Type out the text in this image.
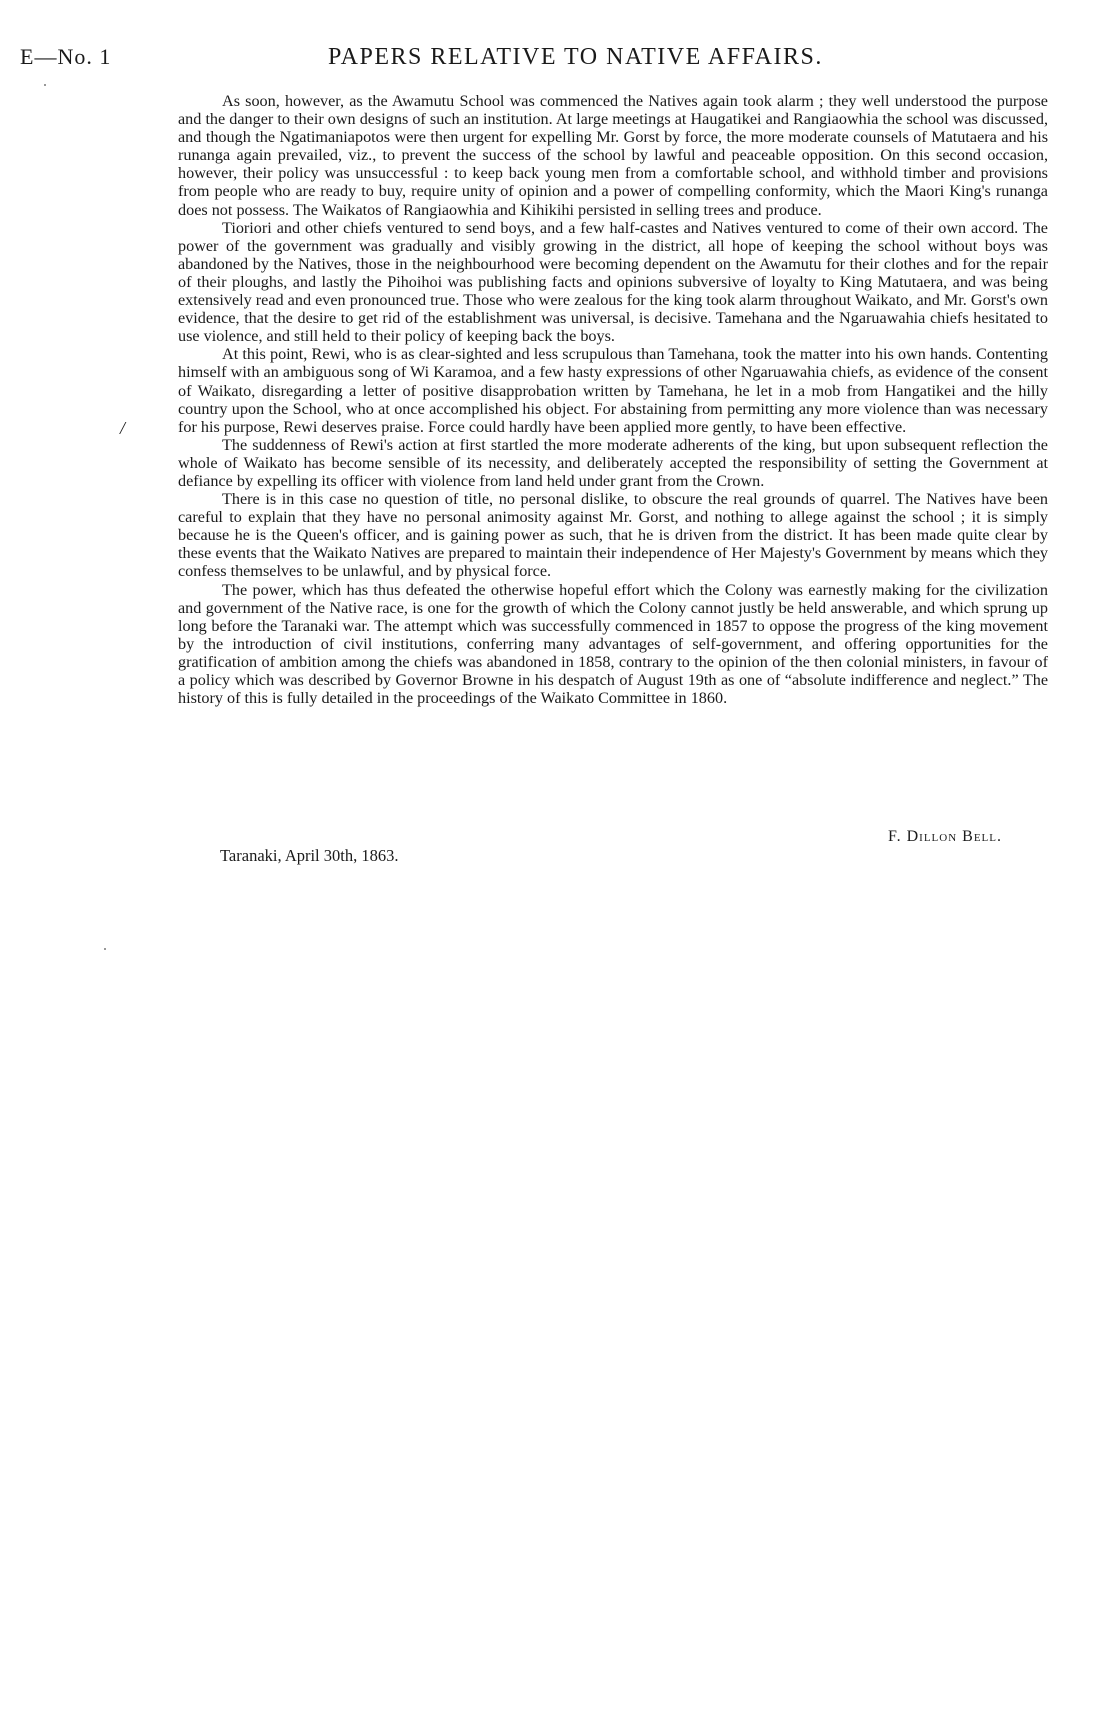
E—No. 1	PAPERS RELATIVE TO NATIVE AFFAIRS.

As soon, however, as the Awamutu School was commenced the Natives again took alarm ; they well understood the purpose and the danger to their own designs of such an institution. At large meetings at Haugatikei and Rangiaowhia the school was discussed, and though the Ngatimaniapotos were then urgent for expelling Mr. Gorst by force, the more moderate counsels of Matutaera and his runanga again prevailed, viz., to prevent the success of the school by lawful and peaceable opposition. On this second occasion, however, their policy was unsuccessful : to keep back young men from a comfortable school, and withhold timber and provisions from people who are ready to buy, require unity of opinion and a power of compelling conformity, which the Maori King's runanga does not possess. The Waikatos of Rangiaowhia and Kihikihi persisted in selling trees and produce.

Tioriori and other chiefs ventured to send boys, and a few half-castes and Natives ventured to come of their own accord. The power of the government was gradually and visibly growing in the district, all hope of keeping the school without boys was abandoned by the Natives, those in the neighbourhood were becoming dependent on the Awamutu for their clothes and for the repair of their ploughs, and lastly the Pihoihoi was publishing facts and opinions subversive of loyalty to King Matutaera, and was being extensively read and even pronounced true. Those who were zealous for the king took alarm throughout Waikato, and Mr. Gorst's own evidence, that the desire to get rid of the establishment was universal, is decisive. Tamehana and the Ngaruawahia chiefs hesitated to use violence, and still held to their policy of keeping back the boys.

At this point, Rewi, who is as clear-sighted and less scrupulous than Tamehana, took the matter into his own hands. Contenting himself with an ambiguous song of Wi Karamoa, and a few hasty expressions of other Ngaruawahia chiefs, as evidence of the consent of Waikato, disregarding a letter of positive disapprobation written by Tamehana, he let in a mob from Hangatikei and the hilly country upon the School, who at once accomplished his object. For abstaining from permitting any more violence than was necessary for his purpose, Rewi deserves praise. Force could hardly have been applied more gently, to have been effective.

The suddenness of Rewi's action at first startled the more moderate adherents of the king, but upon subsequent reflection the whole of Waikato has become sensible of its necessity, and deliberately accepted the responsibility of setting the Government at defiance by expelling its officer with violence from land held under grant from the Crown.

There is in this case no question of title, no personal dislike, to obscure the real grounds of quarrel. The Natives have been careful to explain that they have no personal animosity against Mr. Gorst, and nothing to allege against the school ; it is simply because he is the Queen's officer, and is gaining power as such, that he is driven from the district. It has been made quite clear by these events that the Waikato Natives are prepared to maintain their independence of Her Majesty's Government by means which they confess themselves to be unlawful, and by physical force.

The power, which has thus defeated the otherwise hopeful effort which the Colony was earnestly making for the civilization and government of the Native race, is one for the growth of which the Colony cannot justly be held answerable, and which sprung up long before the Taranaki war. The attempt which was successfully commenced in 1857 to oppose the progress of the king movement by the introduction of civil institutions, conferring many advantages of self-government, and offering opportunities for the gratification of ambition among the chiefs was abandoned in 1858, contrary to the opinion of the then colonial ministers, in favour of a policy which was described by Governor Browne in his despatch of August 19th as one of “absolute indifference and neglect.” The history of this is fully detailed in the proceedings of the Waikato Committee in 1860.

/
F. Dillon Bell.
Taranaki, April 30th, 1863.
